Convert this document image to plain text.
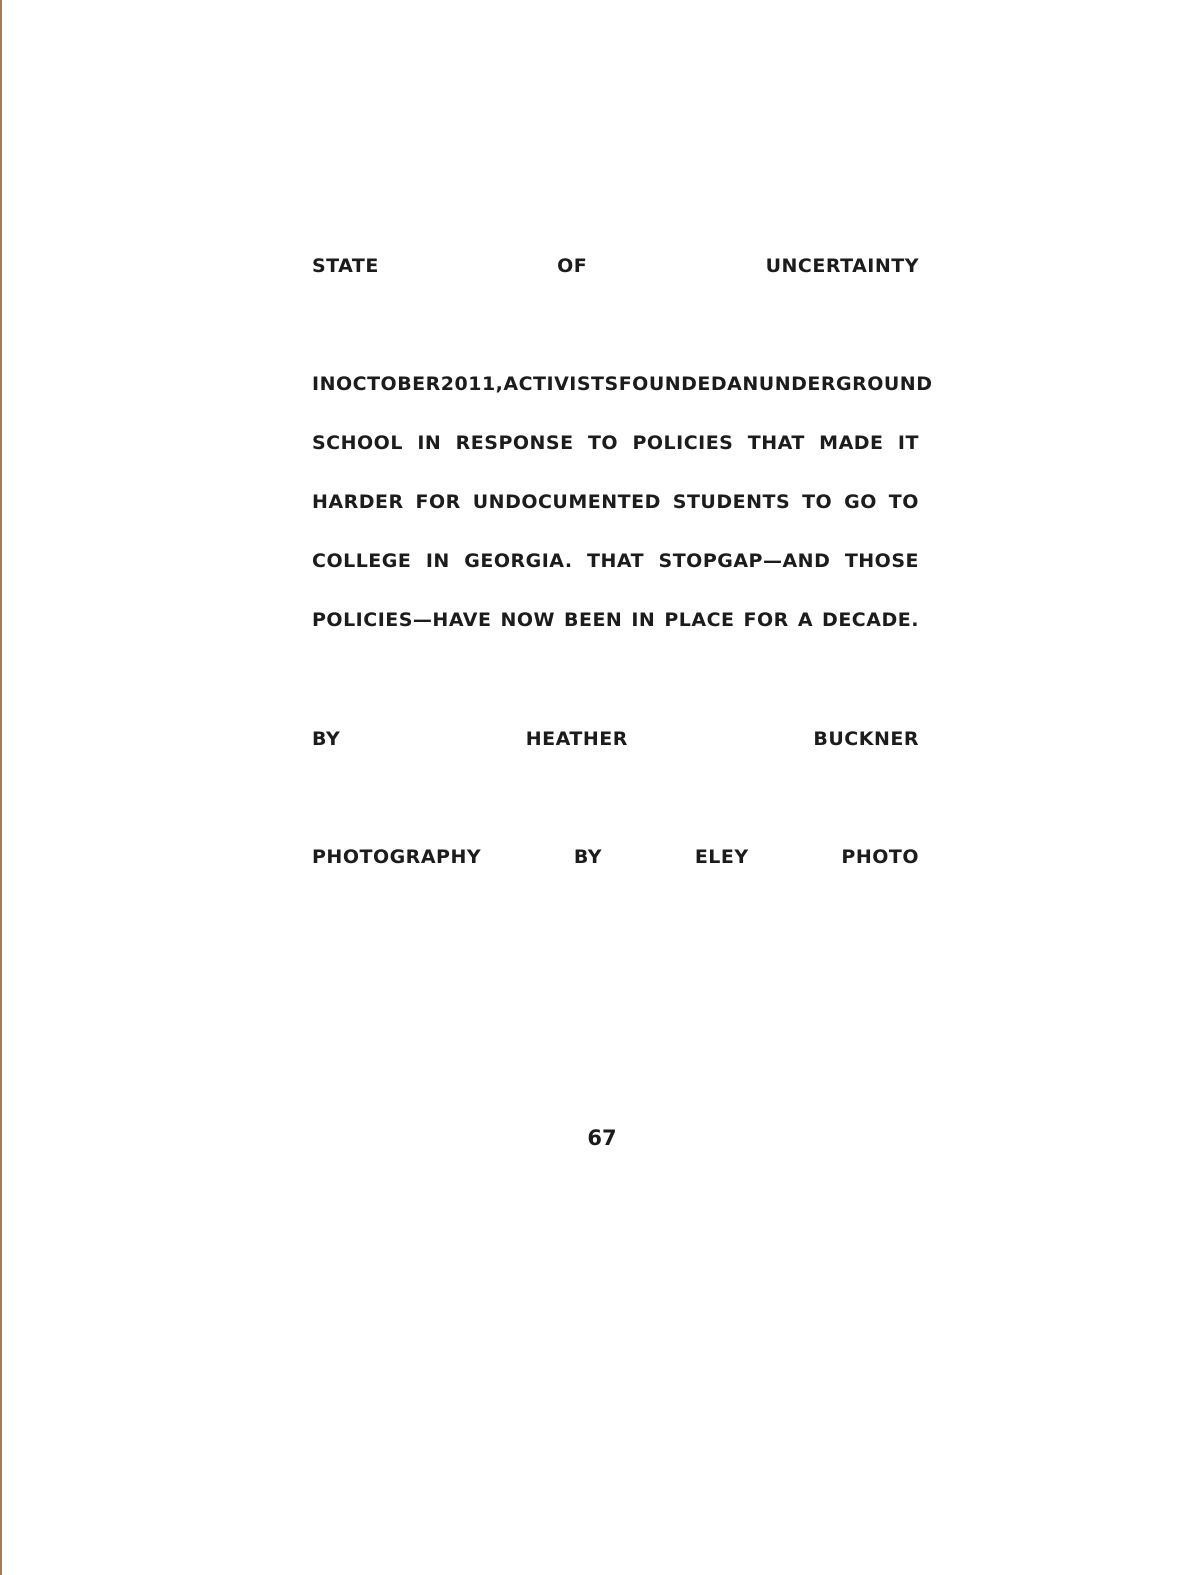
STATE	OF	UNCERTAINTY
IN OCTOBER 2011, ACTIVISTS FOUNDED AN UNDERGROUND
SCHOOL IN RESPONSE TO POLICIES THAT MADE IT
HARDER FOR UNDOCUMENTED STUDENTS TO GO TO
COLLEGE IN GEORGIA. THAT STOPGAP—AND THOSE
POLICIES—HAVE NOW BEEN IN PLACE FOR A DECADE.
BY	HEATHER	BUCKNER
PHOTOGRAPHY	BY	ELEY	PHOTO
67
